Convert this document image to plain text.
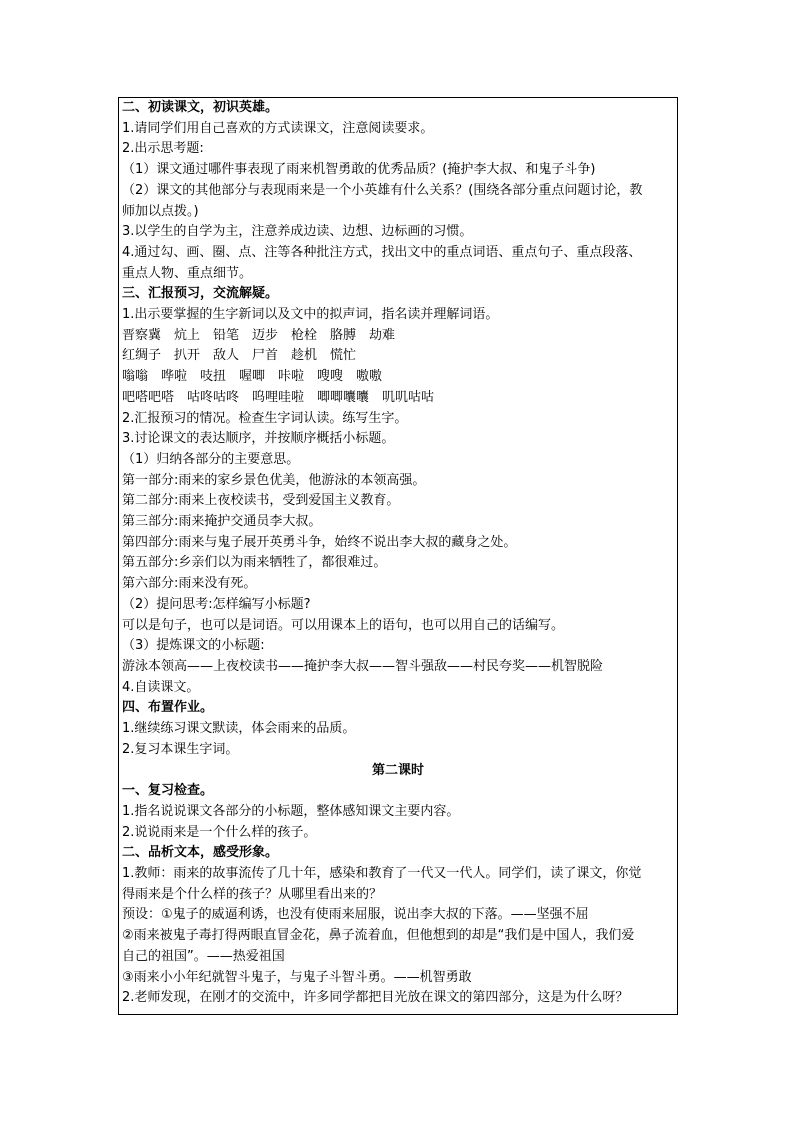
二、初读课文，初识英雄。
1.请同学们用自己喜欢的方式读课文，注意阅读要求。
2.出示思考题:
（1）课文通过哪件事表现了雨来机智勇敢的优秀品质？(掩护李大叔、和鬼子斗争)
（2）课文的其他部分与表现雨来是一个小英雄有什么关系？(围绕各部分重点问题讨论，教
师加以点拨。)
3.以学生的自学为主，注意养成边读、边想、边标画的习惯。
4.通过勾、画、圈、点、注等各种批注方式，找出文中的重点词语、重点句子、重点段落、
重点人物、重点细节。
三、汇报预习，交流解疑。
1.出示要掌握的生字新词以及文中的拟声词，指名读并理解词语。
晋察冀　炕上　铅笔　迈步　枪栓　胳膊　劫难
红绸子　扒开　敌人　尸首　趁机　慌忙
嗡嗡　哗啦　吱扭　喔唧　咔啦　嗖嗖　嗷嗷
吧嗒吧嗒　咕咚咕咚　呜哩哇啦　唧唧囔囔　叽叽咕咕
2.汇报预习的情况。检查生字词认读。练写生字。
3.讨论课文的表达顺序，并按顺序概括小标题。
（1）归纳各部分的主要意思。
第一部分:雨来的家乡景色优美，他游泳的本领高强。
第二部分:雨来上夜校读书，受到爱国主义教育。
第三部分:雨来掩护交通员李大叔。
第四部分:雨来与鬼子展开英勇斗争，始终不说出李大叔的藏身之处。
第五部分:乡亲们以为雨来牺牲了，都很难过。
第六部分:雨来没有死。
（2）提问思考:怎样编写小标题?
可以是句子，也可以是词语。可以用课本上的语句，也可以用自己的话编写。
（3）提炼课文的小标题:
游泳本领高——上夜校读书——掩护李大叔——智斗强敌——村民夸奖——机智脱险
4.自读课文。
四、布置作业。
1.继续练习课文默读，体会雨来的品质。
2.复习本课生字词。
第二课时
一、复习检查。
1.指名说说课文各部分的小标题，整体感知课文主要内容。
2.说说雨来是一个什么样的孩子。
二、品析文本，感受形象。
1.教师：雨来的故事流传了几十年，感染和教育了一代又一代人。同学们，读了课文，你觉
得雨来是个什么样的孩子？从哪里看出来的？
预设：①鬼子的威逼利诱，也没有使雨来屈服，说出李大叔的下落。——坚强不屈
②雨来被鬼子毒打得两眼直冒金花，鼻子流着血，但他想到的却是“我们是中国人，我们爱
自己的祖国”。——热爱祖国
③雨来小小年纪就智斗鬼子，与鬼子斗智斗勇。——机智勇敢
2.老师发现，在刚才的交流中，许多同学都把目光放在课文的第四部分，这是为什么呀？
